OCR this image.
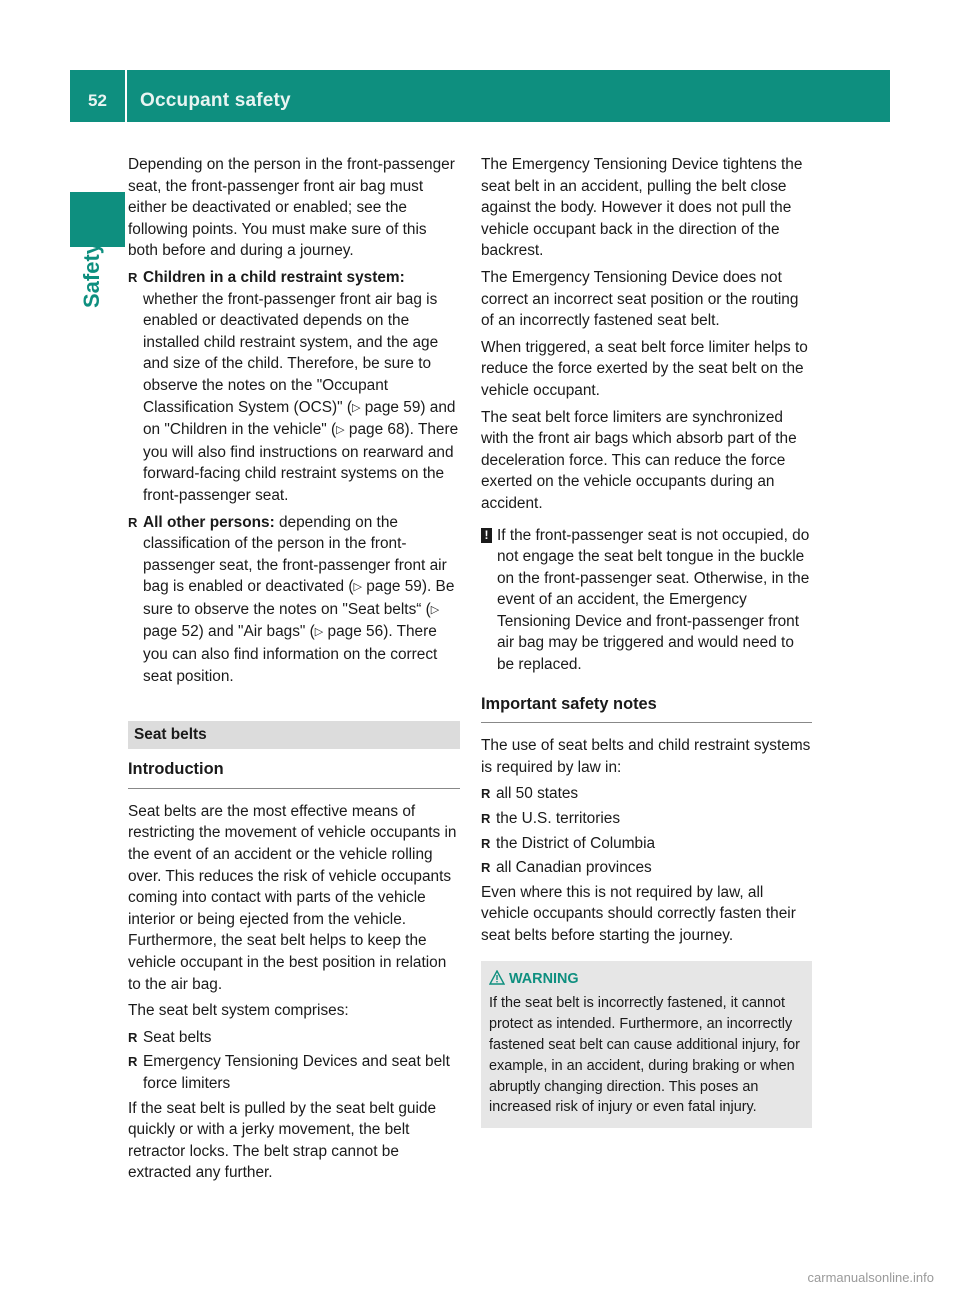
52	Occupant safety
Safety

Depending on the person in the front-passenger seat, the front-passenger front air bag must either be deactivated or enabled; see the following points. You must make sure of this both before and during a journey.

R Children in a child restraint system:
whether the front-passenger front air bag is enabled or deactivated depends on the installed child restraint system, and the age and size of the child. Therefore, be sure to observe the notes on the "Occupant Classification System (OCS)" (▷ page 59) and on "Children in the vehicle" (▷ page 68). There you will also find instructions on rearward and forward-facing child restraint systems on the front-passenger seat.
R All other persons: depending on the classification of the person in the front-passenger seat, the front-passenger front air bag is enabled or deactivated (▷ page 59). Be sure to observe the notes on "Seat belts“ (▷ page 52) and "Air bags" (▷ page 56). There you can also find information on the correct seat position.
Seat belts
Introduction

Seat belts are the most effective means of restricting the movement of vehicle occupants in the event of an accident or the vehicle rolling over. This reduces the risk of vehicle occupants coming into contact with parts of the vehicle interior or being ejected from the vehicle. Furthermore, the seat belt helps to keep the vehicle occupant in the best position in relation to the air bag.

The seat belt system comprises:

R Seat belts
R Emergency Tensioning Devices and seat belt force limiters

If the seat belt is pulled by the seat belt guide quickly or with a jerky movement, the belt retractor locks. The belt strap cannot be extracted any further.

The Emergency Tensioning Device tightens the seat belt in an accident, pulling the belt close against the body. However it does not pull the vehicle occupant back in the direction of the backrest.

The Emergency Tensioning Device does not correct an incorrect seat position or the routing of an incorrectly fastened seat belt.

When triggered, a seat belt force limiter helps to reduce the force exerted by the seat belt on the vehicle occupant.

The seat belt force limiters are synchronized with the front air bags which absorb part of the deceleration force. This can reduce the force exerted on the vehicle occupants during an accident.

! If the front-passenger seat is not occupied, do not engage the seat belt tongue in the buckle on the front-passenger seat. Otherwise, in the event of an accident, the Emergency Tensioning Device and front-passenger front air bag may be triggered and would need to be replaced.
Important safety notes

The use of seat belts and child restraint systems is required by law in:

R all 50 states
R the U.S. territories
R the District of Columbia
R all Canadian provinces

Even where this is not required by law, all vehicle occupants should correctly fasten their seat belts before starting the journey.

WARNING
If the seat belt is incorrectly fastened, it cannot protect as intended. Furthermore, an incorrectly fastened seat belt can cause additional injury, for example, in an accident, during braking or when abruptly changing direction. This poses an increased risk of injury or even fatal injury.
carmanualsonline.info
